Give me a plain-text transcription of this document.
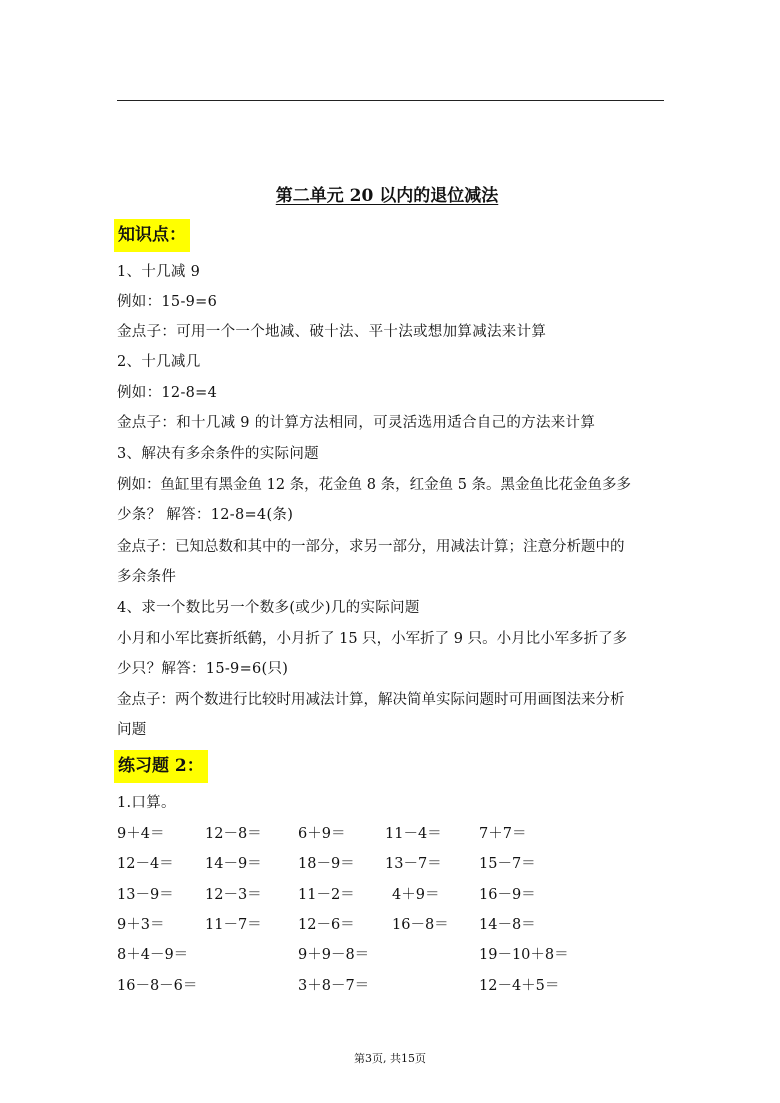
第二单元 20 以内的退位减法
知识点：
1、十几减 9
例如：15-9=6
金点子：可用一个一个地减、破十法、平十法或想加算减法来计算
2、十几减几
例如：12-8=4
金点子：和十几减 9 的计算方法相同，可灵活选用适合自己的方法来计算
3、解决有多余条件的实际问题
例如：鱼缸里有黑金鱼 12 条，花金鱼 8 条，红金鱼 5 条。黑金鱼比花金鱼多多
少条？ 解答：12-8=4(条)
金点子：已知总数和其中的一部分，求另一部分，用减法计算；注意分析题中的
多余条件
4、求一个数比另一个数多(或少)几的实际问题
小月和小军比赛折纸鹤，小月折了 15 只，小军折了 9 只。小月比小军多折了多
少只？解答：15-9=6(只)
金点子：两个数进行比较时用减法计算，解决简单实际问题时可用画图法来分析
问题
练习题 2：
1.口算。
9＋4＝	12－8＝	6＋9＝	11－4＝	7＋7＝
12－4＝ 14－9＝	18－9＝ 13－7＝	15－7＝
13－9＝ 12－3＝	11－2＝	4＋9＝	16－9＝
9＋3＝	11－7＝	12－6＝	16－8＝ 14－8＝
8＋4－9＝	9＋9－8＝	19－10＋8＝
16－8－6＝	3＋8－7＝	12－4＋5＝
第3页, 共15页
